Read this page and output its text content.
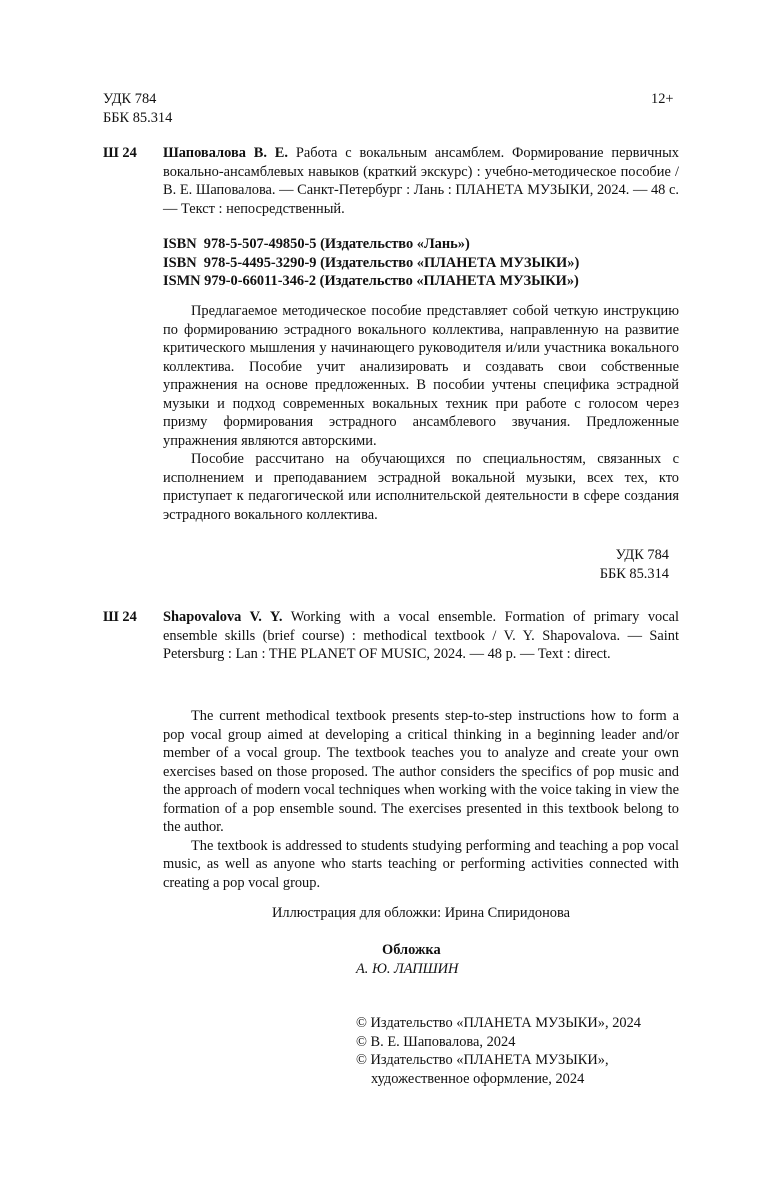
УДК 784
ББК 85.314
12+
Ш 24 Шаповалова В. Е. Работа с вокальным ансамблем. Формирование первичных вокально-ансамблевых навыков (краткий экскурс) : учебно-методическое пособие / В. Е. Шаповалова. — Санкт-Петербург : Лань : ПЛАНЕТА МУЗЫКИ, 2024. — 48 с. — Текст : непосредственный.

ISBN  978-5-507-49850-5 (Издательство «Лань»)
ISBN  978-5-4495-3290-9 (Издательство «ПЛАНЕТА МУЗЫКИ»)
ISMN 979-0-66011-346-2 (Издательство «ПЛАНЕТА МУЗЫКИ»)

Предлагаемое методическое пособие представляет собой четкую инструкцию по формированию эстрадного вокального коллектива, направленную на развитие критического мышления у начинающего руководителя и/или участника вокального коллектива. Пособие учит анализировать и создавать свои собственные упражнения на основе предложенных. В пособии учтены специфика эстрадной музыки и подход современных вокальных техник при работе с голосом через призму формирования эстрадного ансамблевого звучания. Предложенные упражнения являются авторскими.

Пособие рассчитано на обучающихся по специальностям, связанных с исполнением и преподаванием эстрадной вокальной музыки, всех тех, кто приступает к педагогической или исполнительской деятельности в сфере создания эстрадного вокального коллектива.

УДК 784
ББК 85.314
Ш 24 Shapovalova V. Y. Working with a vocal ensemble. Formation of primary vocal ensemble skills (brief course) : methodical textbook / V. Y. Shapovalova. — Saint Petersburg : Lan : THE PLANET OF MUSIC, 2024. — 48 p. — Text : direct.

The current methodical textbook presents step-to-step instructions how to form a pop vocal group aimed at developing a critical thinking in a beginning leader and/or member of a vocal group. The textbook teaches you to analyze and create your own exercises based on those proposed. The author considers the specifics of pop music and the approach of modern vocal techniques when working with the voice taking in view the formation of a pop ensemble sound. The exercises presented in this textbook belong to the author.

The textbook is addressed to students studying performing and teaching a pop vocal music, as well as anyone who starts teaching or performing activities connected with creating a pop vocal group.

Иллюстрация для обложки: Ирина Спиридонова
Обложка
А. Ю. ЛАПШИН
© Издательство «ПЛАНЕТА МУЗЫКИ», 2024
© В. Е. Шаповалова, 2024
© Издательство «ПЛАНЕТА МУЗЫКИ»,
художественное оформление, 2024
